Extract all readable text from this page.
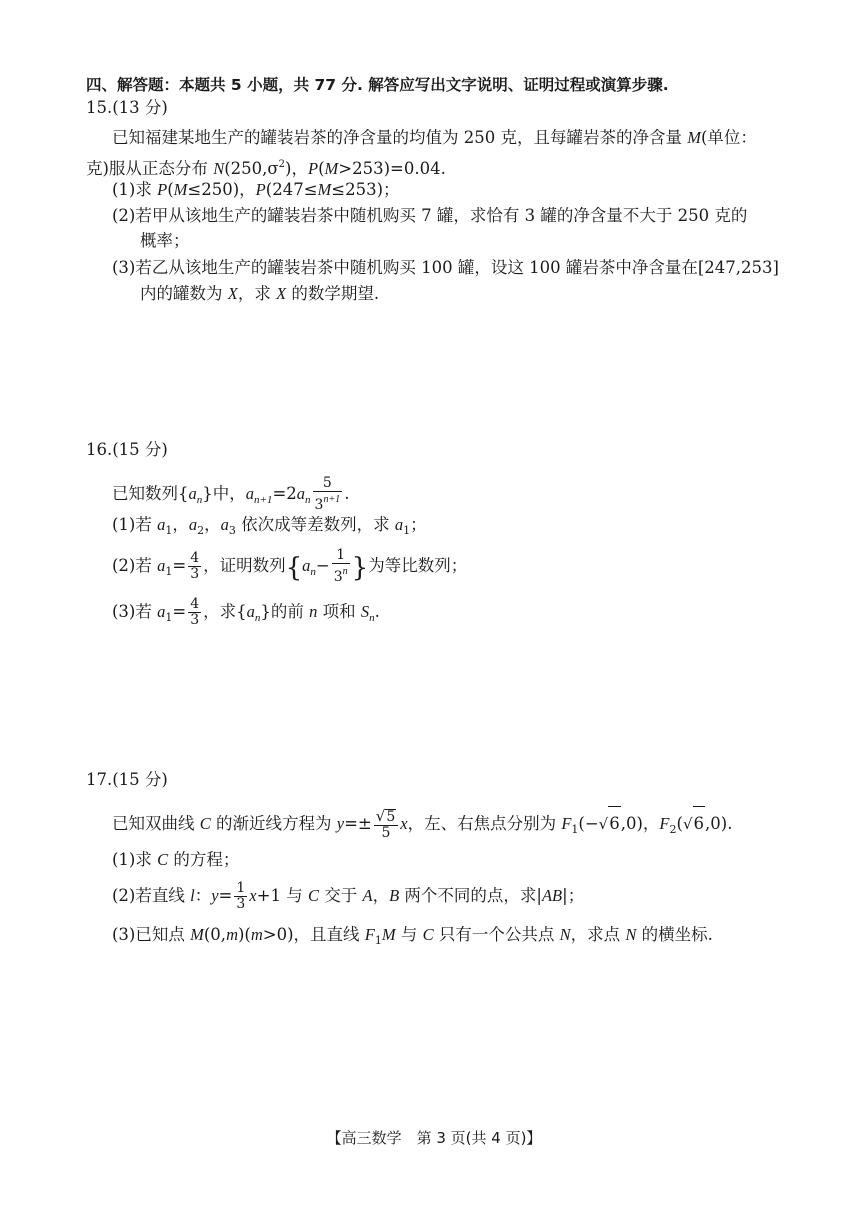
四、解答题：本题共 5 小题，共 77 分. 解答应写出文字说明、证明过程或演算步骤.
15.(13 分)
已知福建某地生产的罐装岩茶的净含量的均值为 250 克，且每罐岩茶的净含量 M(单位：
克)服从正态分布 $N(250,\sigma^2)$，P(M>253)=0.04.
(1)求 P(M≤250)，P(247≤M≤253)；
(2)若甲从该地生产的罐装岩茶中随机购买 7 罐，求恰有 3 罐的净含量不大于 250 克的
概率；
(3)若乙从该地生产的罐装岩茶中随机购买 100 罐，设这 100 罐岩茶中净含量在[247,253]
内的罐数为 X，求 X 的数学期望.
16.(15 分)
已知数列$\{a_n\}$中，$a_{n+1}=2a_n \frac{5}{3^{n+1}}$ .
(1)若 $a_1$，$a_2$，$a_3$ 依次成等差数列，求 $a_1$；
(2)若 $a_1= \frac{4}{3}$ ，证明数列{$a_n- \frac{1}{3^n}$ }为等比数列；
(3)若 $a_1= \frac{4}{3}$ ，求$\{a_n\}$的前 n 项和 $S_n$.
17.(15 分)
已知双曲线 C 的渐近线方程为 $y=\pm \frac{√5}{5}$ x，左、右焦点分别为 $F_1(-√6,0)$，$F_2(√6,0)$.
(1)求 C 的方程；
(2)若直线 l：$y= \frac{1}{3} x+1$ 与 C 交于 A，B 两个不同的点，求|AB|；
(3)已知点 M(0,m)(m>0)，且直线 $F_1M$ 与 C 只有一个公共点 N，求点 N 的横坐标.
【高三数学　第 3 页(共 4 页)】
